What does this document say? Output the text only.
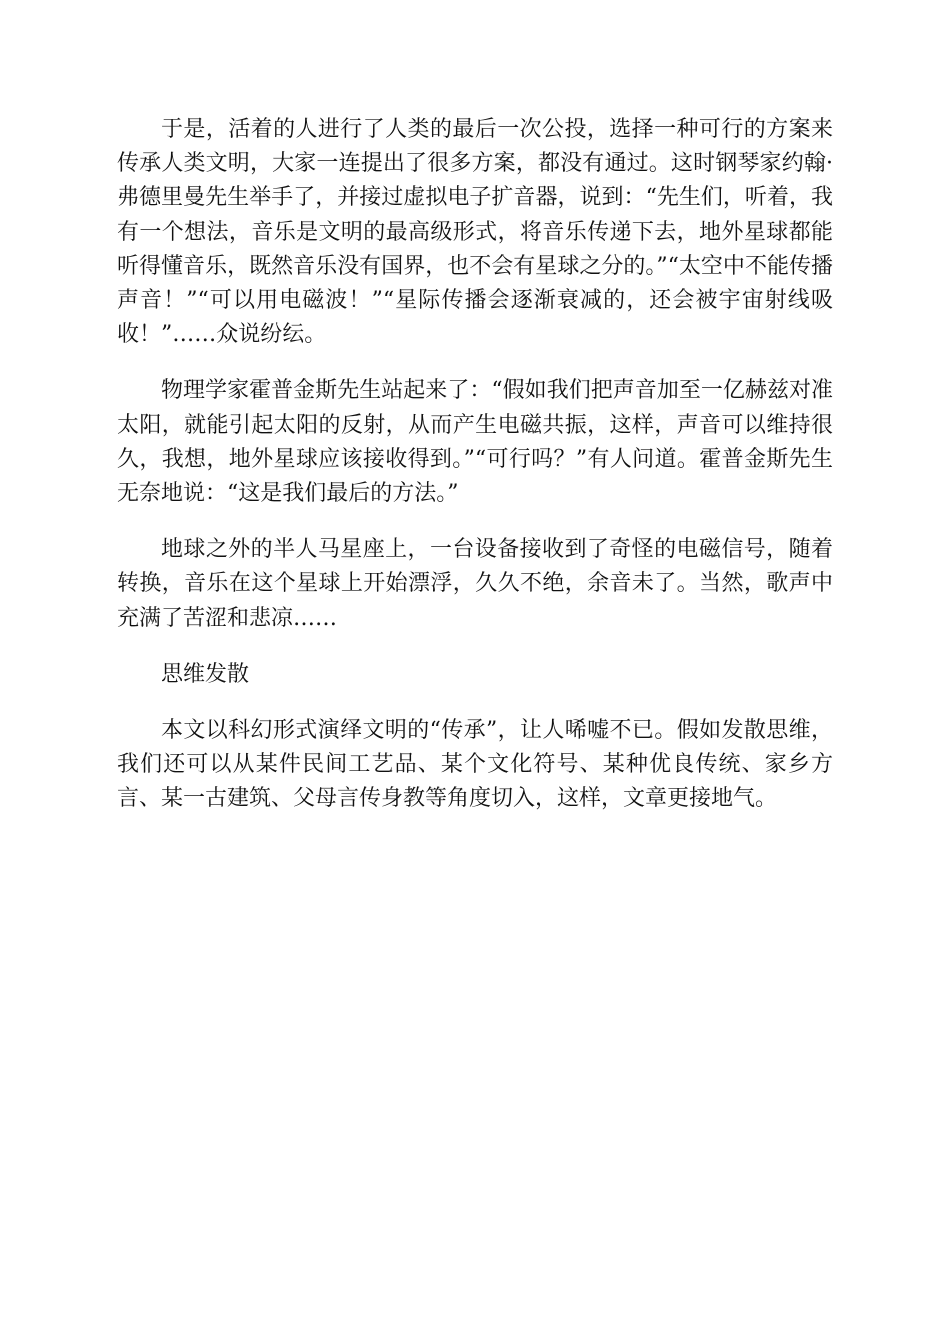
于是，活着的人进行了人类的最后一次公投，选择一种可行的方案来传承人类文明，大家一连提出了很多方案，都没有通过。这时钢琴家约翰·弗德里曼先生举手了，并接过虚拟电子扩音器，说到：“先生们，听着，我有一个想法，音乐是文明的最高级形式，将音乐传递下去，地外星球都能听得懂音乐，既然音乐没有国界，也不会有星球之分的。”“太空中不能传播声音！”“可以用电磁波！”“星际传播会逐渐衰减的，还会被宇宙射线吸收！”……众说纷纭。

物理学家霍普金斯先生站起来了：“假如我们把声音加至一亿赫兹对准太阳，就能引起太阳的反射，从而产生电磁共振，这样，声音可以维持很久，我想，地外星球应该接收得到。”“可行吗？”有人问道。霍普金斯先生无奈地说：“这是我们最后的方法。”

地球之外的半人马星座上，一台设备接收到了奇怪的电磁信号，随着转换，音乐在这个星球上开始漂浮，久久不绝，余音未了。当然，歌声中充满了苦涩和悲凉……

思维发散

本文以科幻形式演绎文明的“传承”，让人唏嘘不已。假如发散思维，我们还可以从某件民间工艺品、某个文化符号、某种优良传统、家乡方言、某一古建筑、父母言传身教等角度切入，这样，文章更接地气。
